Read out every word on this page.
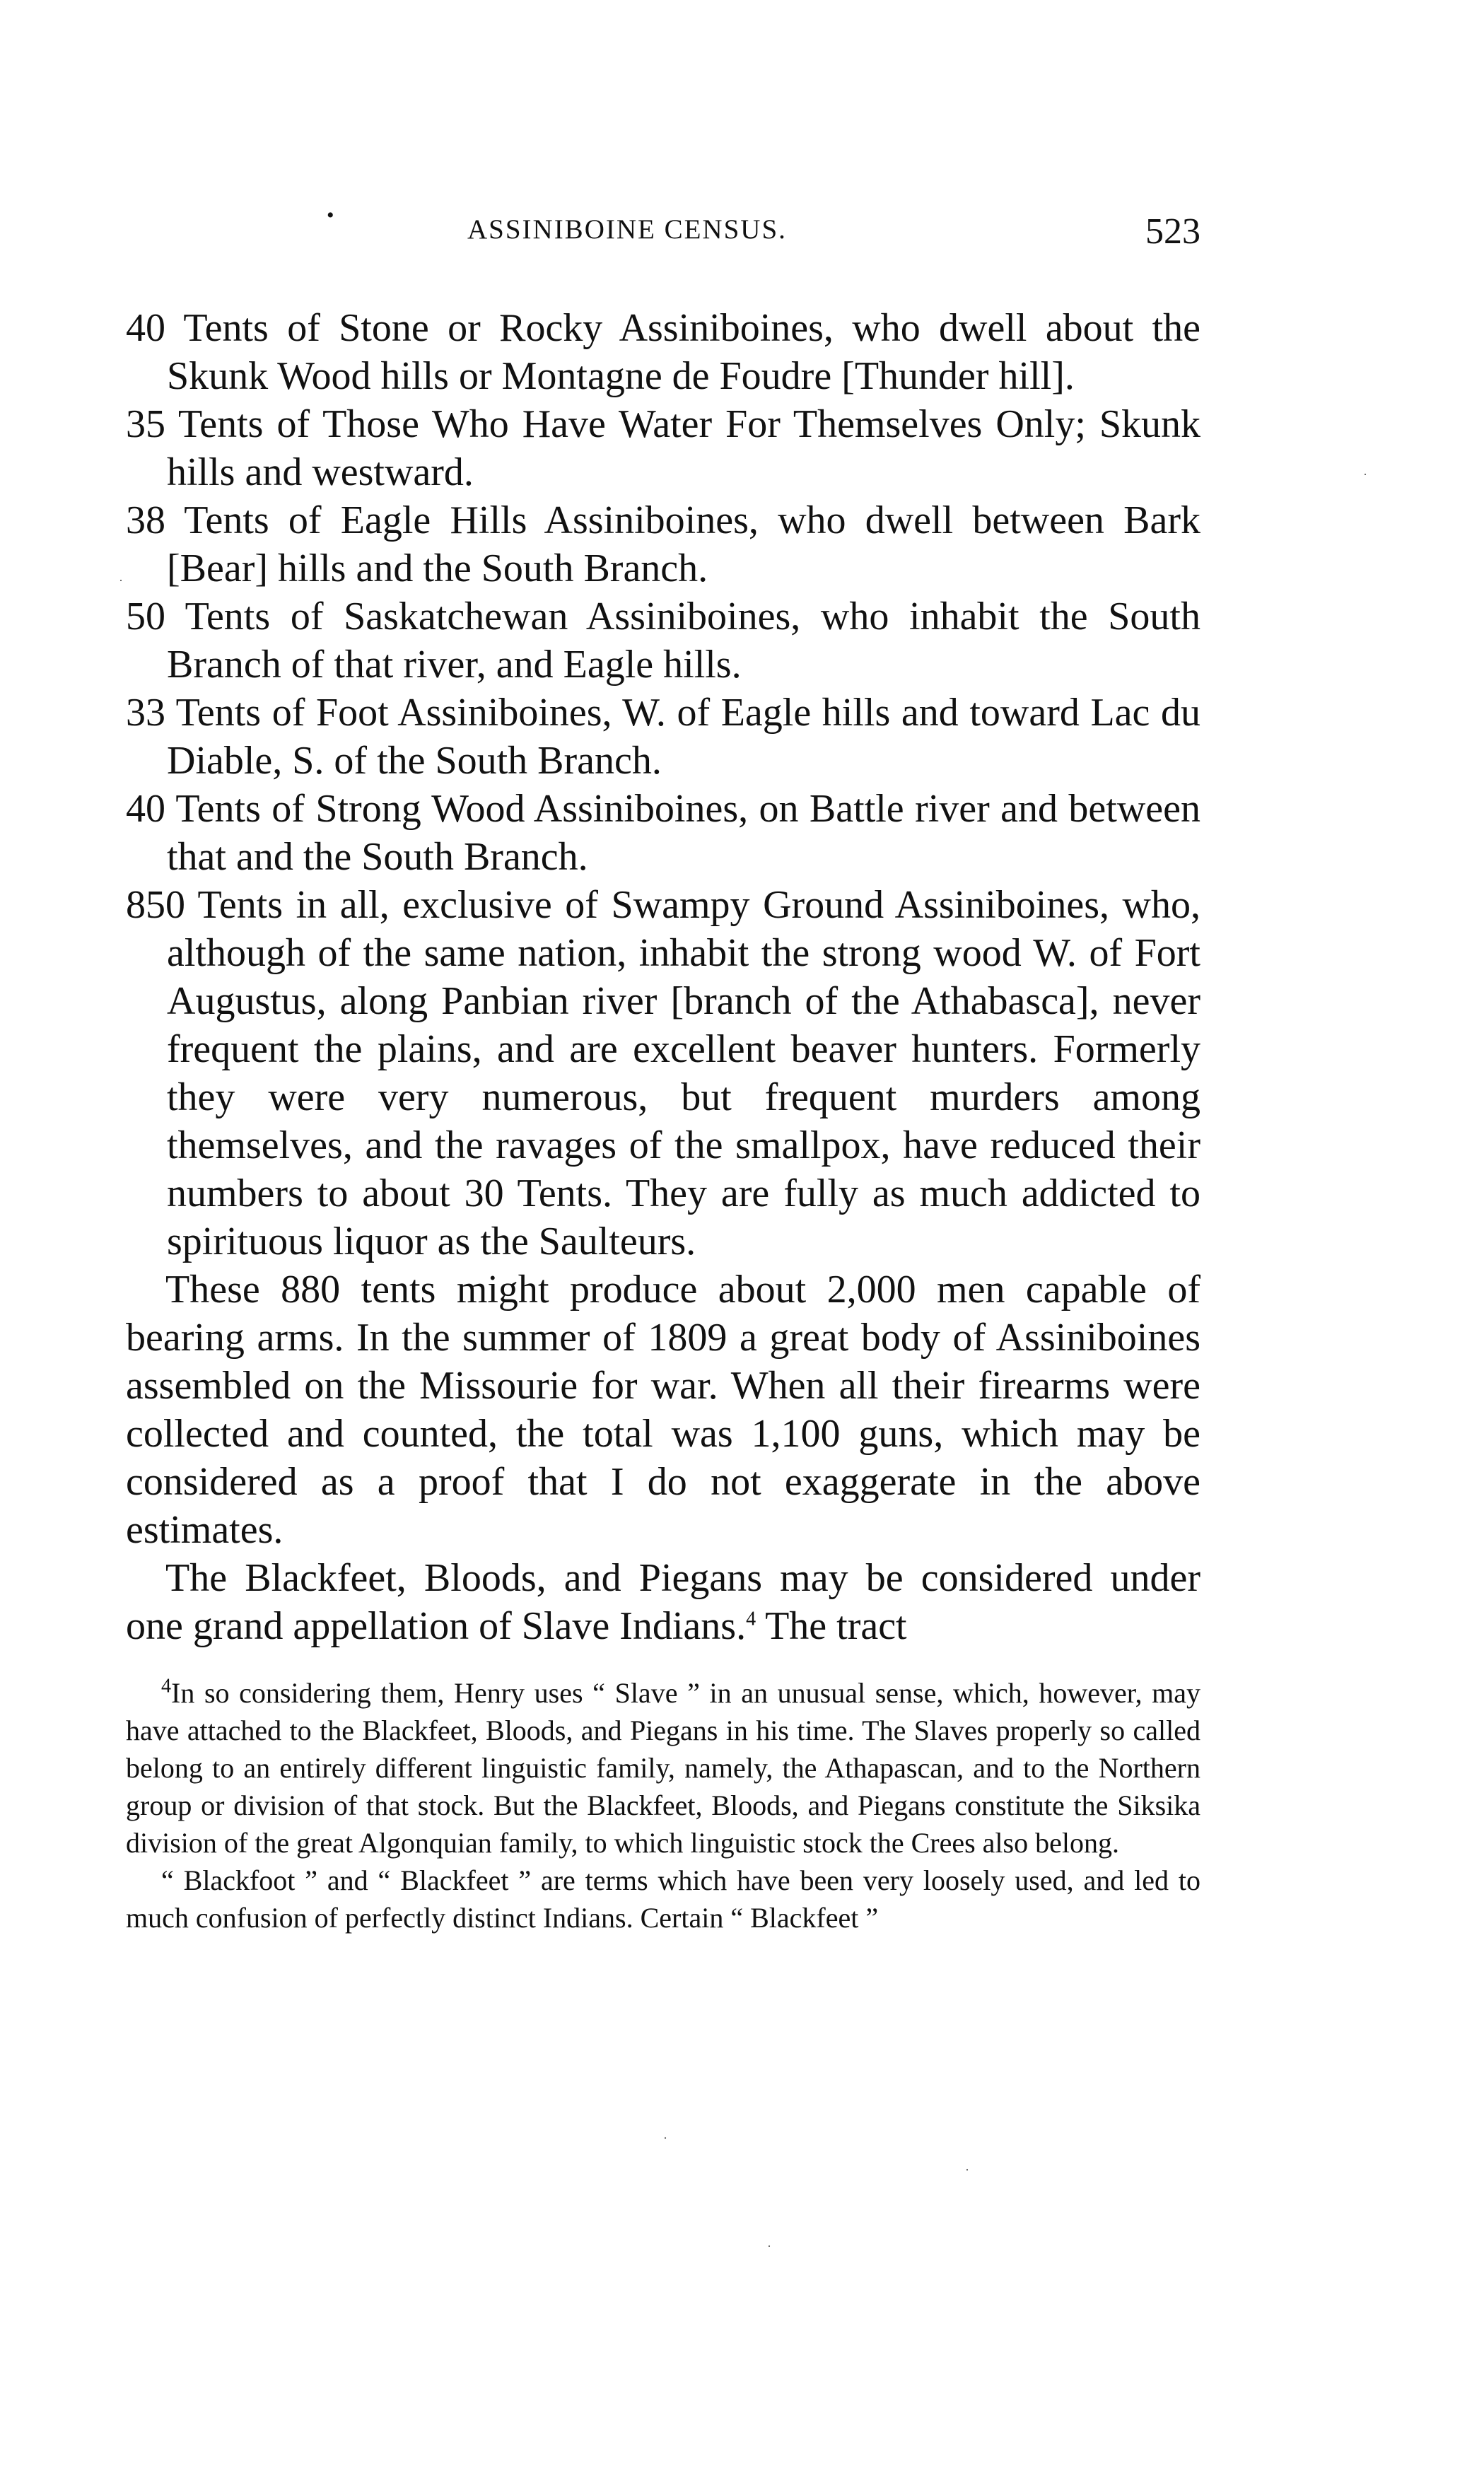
•	ASSINIBOINE CENSUS.	523

40 Tents of Stone or Rocky Assiniboines, who dwell about the Skunk Wood hills or Montagne de Foudre [Thunder hill].

35 Tents of Those Who Have Water For Themselves Only; Skunk hills and westward.

38 Tents of Eagle Hills Assiniboines, who dwell between Bark [Bear] hills and the South Branch.

50 Tents of Saskatchewan Assiniboines, who inhabit the South Branch of that river, and Eagle hills.

33 Tents of Foot Assiniboines, W. of Eagle hills and toward Lac du Diable, S. of the South Branch.

40 Tents of Strong Wood Assiniboines, on Battle river and between that and the South Branch.

850 Tents in all, exclusive of Swampy Ground Assiniboines, who, although of the same nation, inhabit the strong wood W. of Fort Augustus, along Panbian river [branch of the Athabasca], never frequent the plains, and are excellent beaver hunters. Formerly they were very numerous, but frequent murders among themselves, and the ravages of the smallpox, have reduced their numbers to about 30 Tents. They are fully as much addicted to spirituous liquor as the Saulteurs.

These 880 tents might produce about 2,000 men capable of bearing arms. In the summer of 1809 a great body of Assiniboines assembled on the Missourie for war. When all their firearms were collected and counted, the total was 1,100 guns, which may be considered as a proof that I do not exaggerate in the above estimates.

The Blackfeet, Bloods, and Piegans may be considered under one grand appellation of Slave Indians.$^4$ The tract

$^4$In so considering them, Henry uses “ Slave ” in an unusual sense, which, however, may have attached to the Blackfeet, Bloods, and Piegans in his time. The Slaves properly so called belong to an entirely different linguistic family, namely, the Athapascan, and to the Northern group or division of that stock. But the Blackfeet, Bloods, and Piegans constitute the Siksika division of the great Algonquian family, to which linguistic stock the Crees also belong.

“ Blackfoot ” and “ Blackfeet ” are terms which have been very loosely used, and led to much confusion of perfectly distinct Indians. Certain “ Blackfeet ”

·
·
·
·
·
